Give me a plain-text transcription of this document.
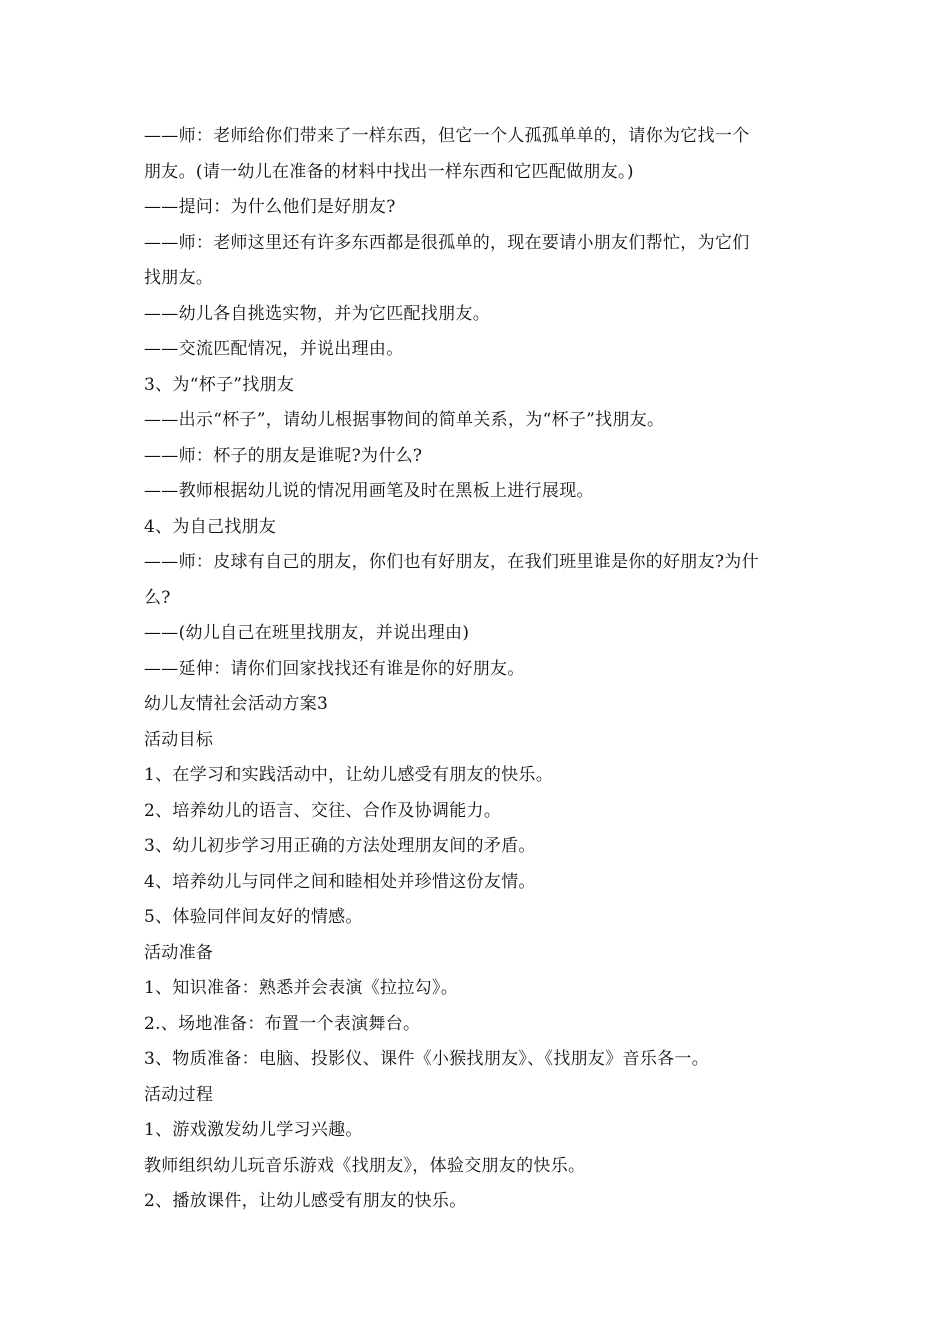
——师：老师给你们带来了一样东西，但它一个人孤孤单单的，请你为它找一个
朋友。(请一幼儿在准备的材料中找出一样东西和它匹配做朋友。)
——提问：为什么他们是好朋友?
——师：老师这里还有许多东西都是很孤单的，现在要请小朋友们帮忙，为它们
找朋友。
——幼儿各自挑选实物，并为它匹配找朋友。
——交流匹配情况，并说出理由。
3、为“杯子”找朋友
——出示“杯子”，请幼儿根据事物间的简单关系，为“杯子”找朋友。
——师：杯子的朋友是谁呢?为什么?
——教师根据幼儿说的情况用画笔及时在黑板上进行展现。
4、为自己找朋友
——师：皮球有自己的朋友，你们也有好朋友，在我们班里谁是你的好朋友?为什
么?
——(幼儿自己在班里找朋友，并说出理由)
——延伸：请你们回家找找还有谁是你的好朋友。
幼儿友情社会活动方案3
活动目标
1、在学习和实践活动中，让幼儿感受有朋友的快乐。
2、培养幼儿的语言、交往、合作及协调能力。
3、幼儿初步学习用正确的方法处理朋友间的矛盾。
4、培养幼儿与同伴之间和睦相处并珍惜这份友情。
5、体验同伴间友好的情感。
活动准备
1、知识准备：熟悉并会表演《拉拉勾》。
2.、场地准备：布置一个表演舞台。
3、物质准备：电脑、投影仪、课件《小猴找朋友》、《找朋友》音乐各一。
活动过程
1、游戏激发幼儿学习兴趣。
教师组织幼儿玩音乐游戏《找朋友》，体验交朋友的快乐。
2、播放课件，让幼儿感受有朋友的快乐。
